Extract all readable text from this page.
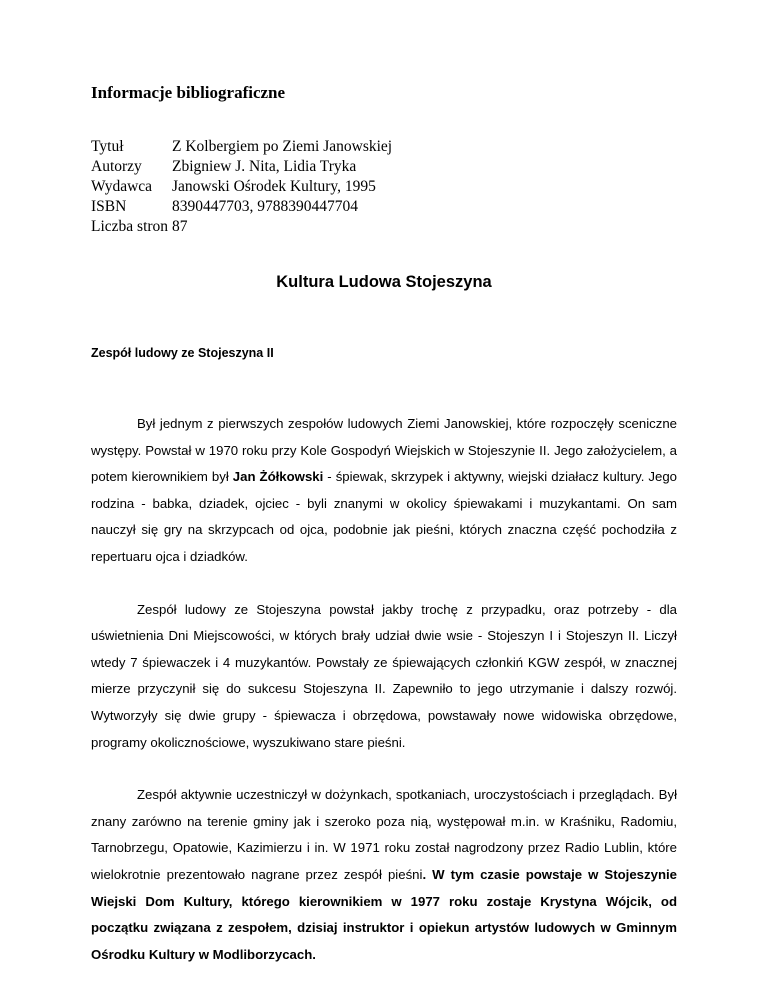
Informacje bibliograficzne
Tytuł	Z Kolbergiem po Ziemi Janowskiej
Autorzy	Zbigniew J. Nita, Lidia Tryka
Wydawca	Janowski Ośrodek Kultury, 1995
ISBN	8390447703, 9788390447704
Liczba stron 87
Kultura Ludowa Stojeszyna
Zespół ludowy ze Stojeszyna II

Był jednym z pierwszych zespołów ludowych Ziemi Janowskiej, które rozpoczęły sceniczne występy. Powstał w 1970 roku przy Kole Gospodyń Wiejskich w Stojeszynie II. Jego założycielem, a potem kierownikiem był Jan Żółkowski - śpiewak, skrzypek i aktywny, wiejski działacz kultury. Jego rodzina - babka, dziadek, ojciec - byli znanymi w okolicy śpiewakami i muzykantami. On sam nauczył się gry na skrzypcach od ojca, podobnie jak pieśni, których znaczna część pochodziła z repertuaru ojca i dziadków.

Zespół ludowy ze Stojeszyna powstał jakby trochę z przypadku, oraz potrzeby - dla uświetnienia Dni Miejscowości, w których brały udział dwie wsie - Stojeszyn I i Stojeszyn II. Liczył wtedy 7 śpiewaczek i 4 muzykantów. Powstały ze śpiewających członkiń KGW zespół, w znacznej mierze przyczynił się do sukcesu Stojeszyna II. Zapewniło to jego utrzymanie i dalszy rozwój. Wytworzyły się dwie grupy - śpiewacza i obrzędowa, powstawały nowe widowiska obrzędowe, programy okolicznościowe, wyszukiwano stare pieśni.

Zespół aktywnie uczestniczył w dożynkach, spotkaniach, uroczystościach i przeglądach. Był znany zarówno na terenie gminy jak i szeroko poza nią, występował m.in. w Kraśniku, Radomiu, Tarnobrzegu, Opatowie, Kazimierzu i in. W 1971 roku został nagrodzony przez Radio Lublin, które wielokrotnie prezentowało nagrane przez zespół pieśni. W tym czasie powstaje w Stojeszynie Wiejski Dom Kultury, którego kierownikiem w 1977 roku zostaje Krystyna Wójcik, od początku związana z zespołem, dzisiaj instruktor i opiekun artystów ludowych w Gminnym Ośrodku Kultury w Modliborzycach.
